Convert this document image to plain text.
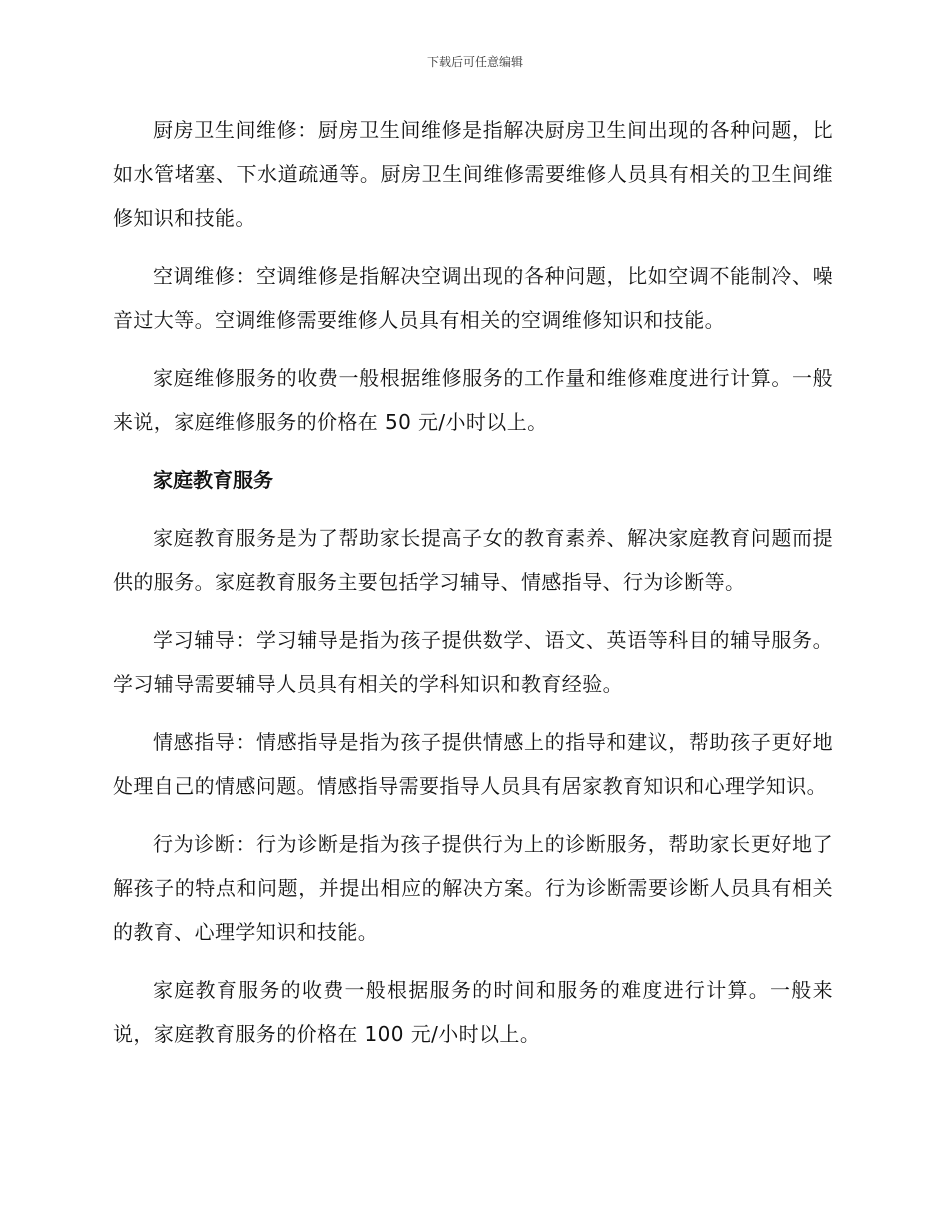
下载后可任意编辑

厨房卫生间维修：厨房卫生间维修是指解决厨房卫生间出现的各种问题，比如水管堵塞、下水道疏通等。厨房卫生间维修需要维修人员具有相关的卫生间维修知识和技能。

空调维修：空调维修是指解决空调出现的各种问题，比如空调不能制冷、噪音过大等。空调维修需要维修人员具有相关的空调维修知识和技能。

家庭维修服务的收费一般根据维修服务的工作量和维修难度进行计算。一般来说，家庭维修服务的价格在 50 元/小时以上。

家庭教育服务

家庭教育服务是为了帮助家长提高子女的教育素养、解决家庭教育问题而提供的服务。家庭教育服务主要包括学习辅导、情感指导、行为诊断等。

学习辅导：学习辅导是指为孩子提供数学、语文、英语等科目的辅导服务。学习辅导需要辅导人员具有相关的学科知识和教育经验。

情感指导：情感指导是指为孩子提供情感上的指导和建议，帮助孩子更好地处理自己的情感问题。情感指导需要指导人员具有居家教育知识和心理学知识。

行为诊断：行为诊断是指为孩子提供行为上的诊断服务，帮助家长更好地了解孩子的特点和问题，并提出相应的解决方案。行为诊断需要诊断人员具有相关的教育、心理学知识和技能。

家庭教育服务的收费一般根据服务的时间和服务的难度进行计算。一般来说，家庭教育服务的价格在 100 元/小时以上。
